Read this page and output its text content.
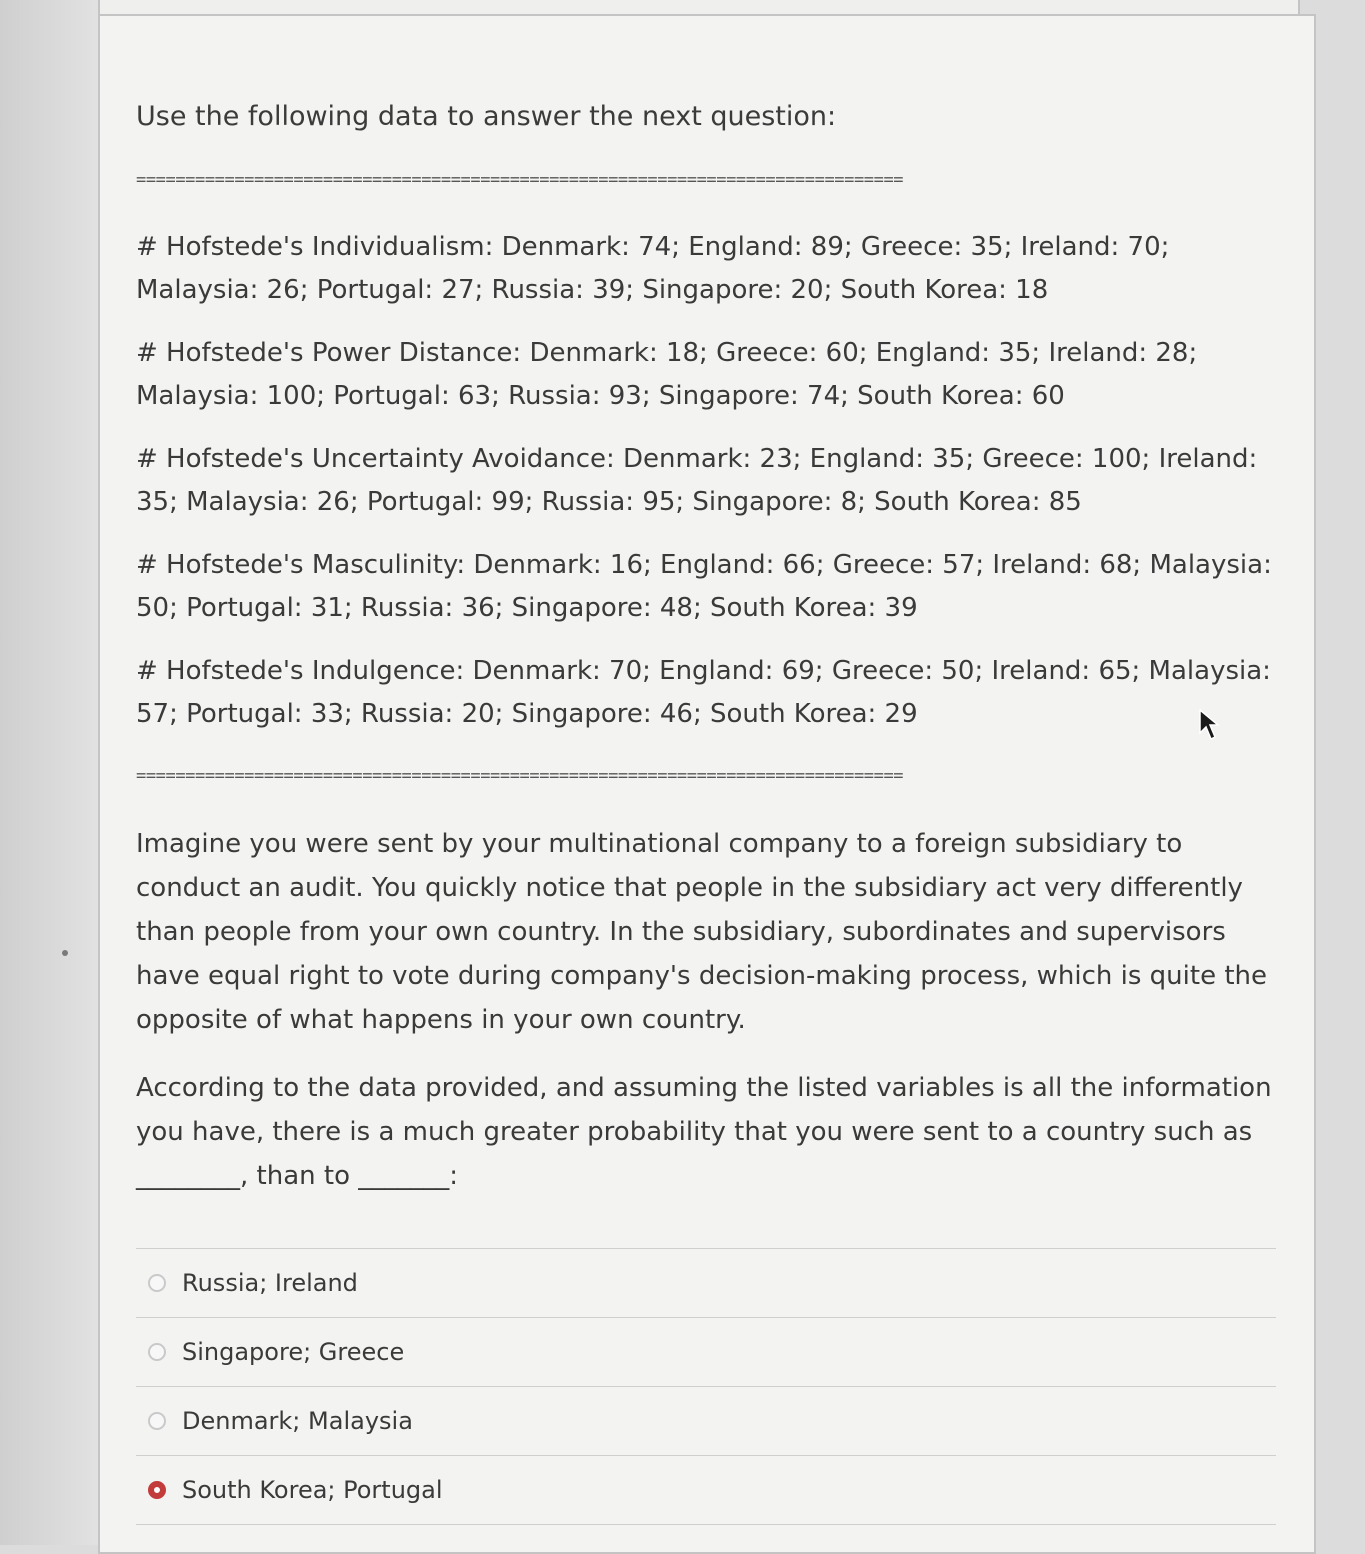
Use the following data to answer the next question:

==============================================================================

# Hofstede's Individualism: Denmark: 74; England: 89; Greece: 35; Ireland: 70; Malaysia: 26; Portugal: 27; Russia: 39; Singapore: 20; South Korea: 18

# Hofstede's Power Distance: Denmark: 18; Greece: 60; England: 35; Ireland: 28; Malaysia: 100; Portugal: 63; Russia: 93; Singapore: 74; South Korea: 60

# Hofstede's Uncertainty Avoidance: Denmark: 23; England: 35; Greece: 100; Ireland: 35; Malaysia: 26; Portugal: 99; Russia: 95; Singapore: 8; South Korea: 85

# Hofstede's Masculinity: Denmark: 16; England: 66; Greece: 57; Ireland: 68; Malaysia: 50; Portugal: 31; Russia: 36; Singapore: 48; South Korea: 39

# Hofstede's Indulgence: Denmark: 70; England: 69; Greece: 50; Ireland: 65; Malaysia: 57; Portugal: 33; Russia: 20; Singapore: 46; South Korea: 29

==============================================================================

Imagine you were sent by your multinational company to a foreign subsidiary to conduct an audit. You quickly notice that people in the subsidiary act very differently than people from your own country. In the subsidiary, subordinates and supervisors have equal right to vote during company's decision-making process, which is quite the opposite of what happens in your own country.

According to the data provided, and assuming the listed variables is all the information you have, there is a much greater probability that you were sent to a country such as ________, than to _______:

Russia; Ireland
Singapore; Greece
Denmark; Malaysia
South Korea; Portugal
